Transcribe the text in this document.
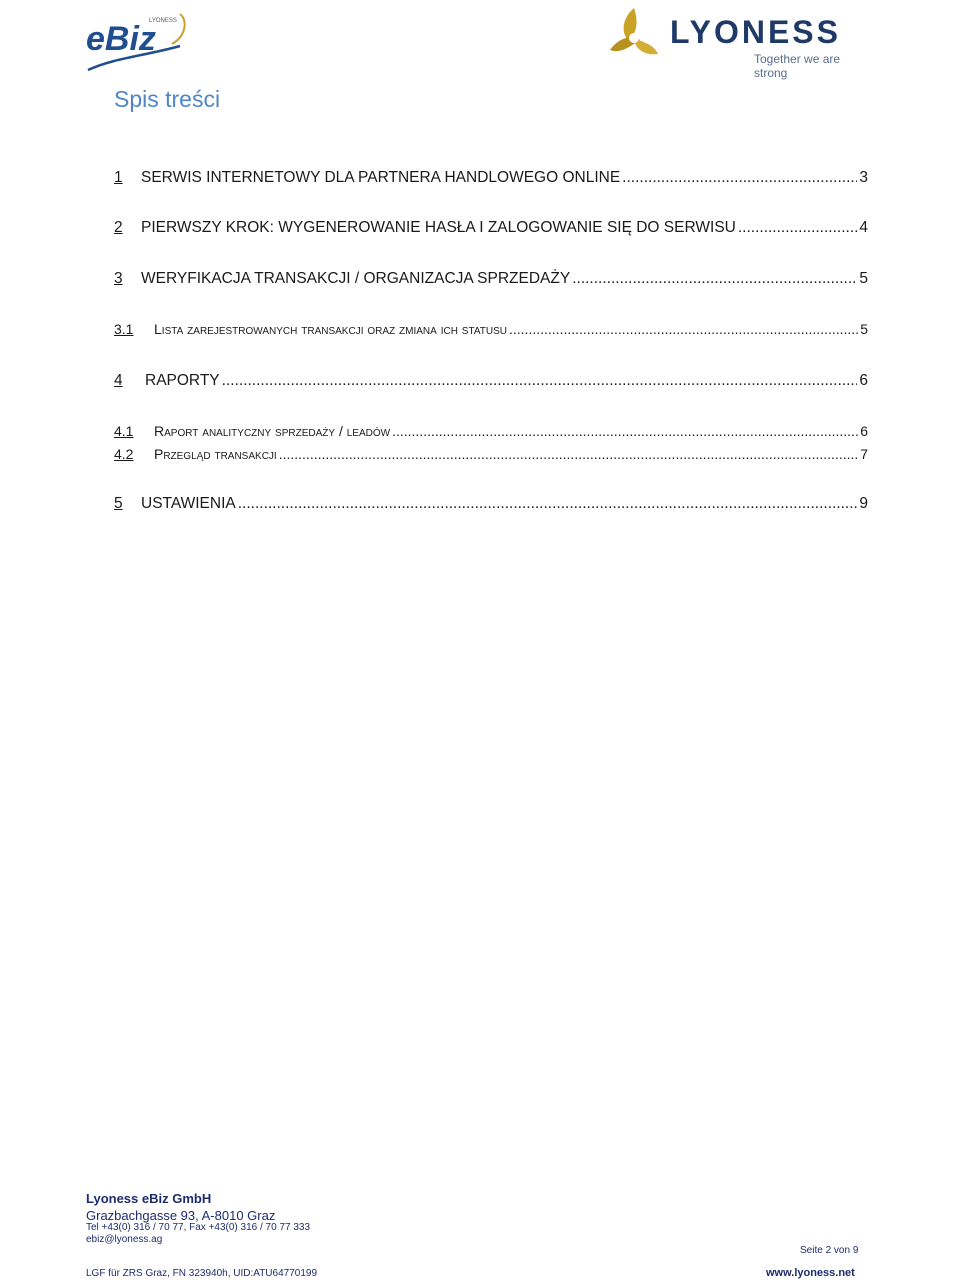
eBiz
LYONESS	LYONESS
Together we are strong
Spis treści
1	SERWIS INTERNETOWY DLA PARTNERA HANDLOWEGO ONLINE .....	3
2	PIERWSZY KROK: WYGENEROWANIE HASŁA I ZALOGOWANIE SIĘ DO SERWISU .....	4
3	WERYFIKACJA TRANSAKCJI / ORGANIZACJA SPRZEDAŻY .....	5
3.1	Lista zarejestrowanych transakcji oraz zmiana ich statusu .....	5
4	RAPORTY .....	6
4.1	Raport analityczny sprzedaży / leadów .....	6
4.2	Przegląd transakcji .....	7
5	USTAWIENIA .....	9
Lyoness eBiz GmbH
Grazbachgasse 93, A-8010 Graz
Tel +43(0) 316 / 70 77, Fax +43(0) 316 / 70 77 333
ebiz@lyoness.ag
Seite 2 von 9
LGF für ZRS Graz, FN 323940h, UID:ATU64770199	www.lyoness.net
